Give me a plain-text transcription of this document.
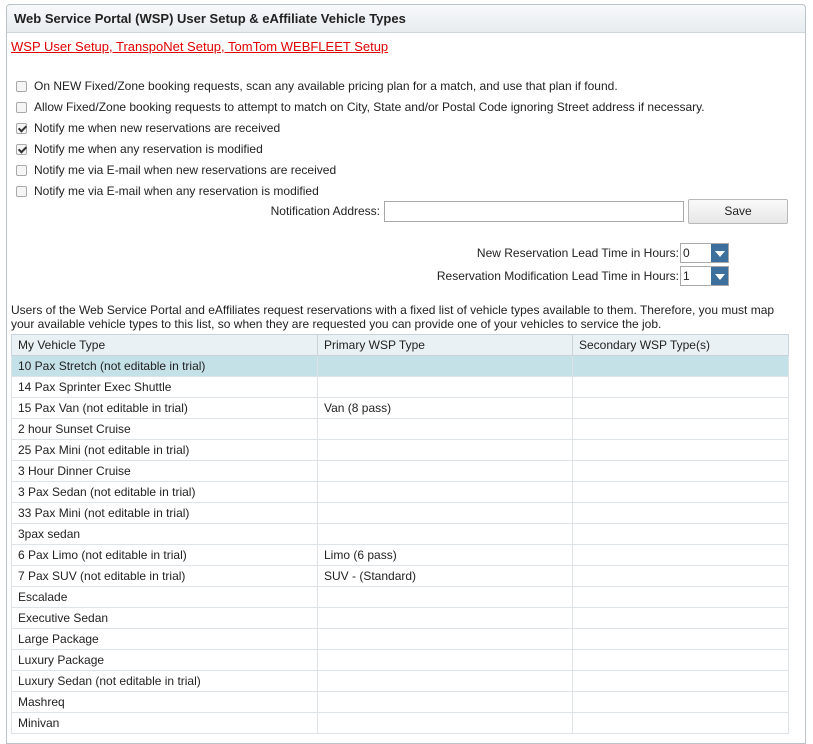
Web Service Portal (WSP) User Setup & eAffiliate Vehicle Types
WSP User Setup, TranspoNet Setup, TomTom WEBFLEET Setup
On NEW Fixed/Zone booking requests, scan any available pricing plan for a match, and use that plan if found.
Allow Fixed/Zone booking requests to attempt to match on City, State and/or Postal Code ignoring Street address if necessary.
Notify me when new reservations are received
Notify me when any reservation is modified
Notify me via E-mail when new reservations are received
Notify me via E-mail when any reservation is modified
Notification Address:	Save
New Reservation Lead Time in Hours: 0
Reservation Modification Lead Time in Hours: 1
Users of the Web Service Portal and eAffiliates request reservations with a fixed list of vehicle types available to them. Therefore, you must map your available vehicle types to this list, so when they are requested you can provide one of your vehicles to service the job.
My Vehicle Type	Primary WSP Type	Secondary WSP Type(s)
10 Pax Stretch (not editable in trial)		
14 Pax Sprinter Exec Shuttle		
15 Pax Van (not editable in trial)	Van (8 pass)	
2 hour Sunset Cruise		
25 Pax Mini (not editable in trial)		
3 Hour Dinner Cruise		
3 Pax Sedan (not editable in trial)		
33 Pax Mini (not editable in trial)		
3pax sedan		
6 Pax Limo (not editable in trial)	Limo (6 pass)	
7 Pax SUV (not editable in trial)	SUV - (Standard)	
Escalade		
Executive Sedan		
Large Package		
Luxury Package		
Luxury Sedan (not editable in trial)		
Mashreq		
Minivan		
